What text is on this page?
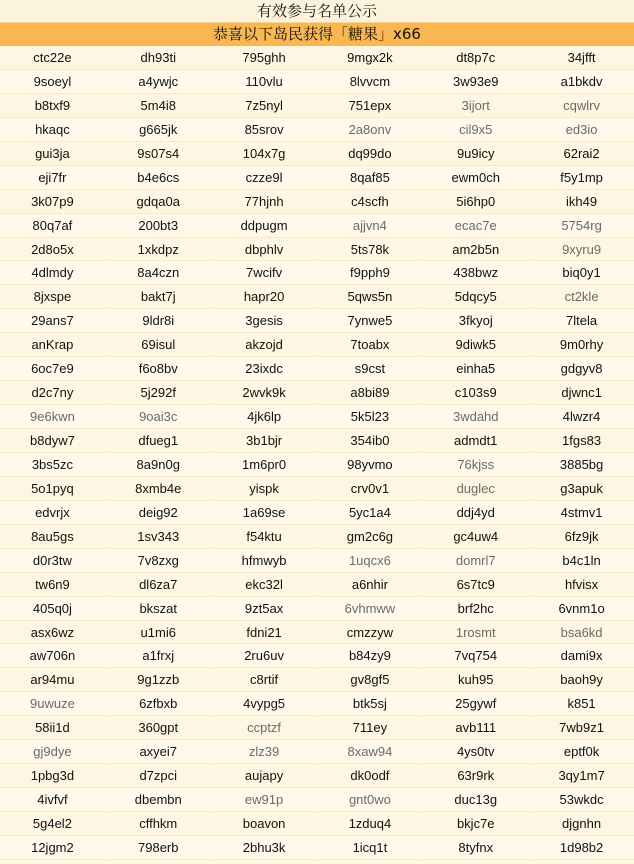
有效参与名单公示
恭喜以下岛民获得「糖果」x66
ctc22e	dh93ti	795ghh	9mgx2k	dt8p7c	34jfft
9soeyl	a4ywjc	110vlu	8lvvcm	3w93e9	a1bkdv
b8txf9	5m4i8	7z5nyl	751epx	3ijort	cqwlrv
hkaqc	g665jk	85srov	2a8onv	cil9x5	ed3io
gui3ja	9s07s4	104x7g	dq99do	9u9icy	62rai2
eji7fr	b4e6cs	czze9l	8qaf85	ewm0ch	f5y1mp
3k07p9	gdqa0a	77hjnh	c4scfh	5i6hp0	ikh49
80q7af	200bt3	ddpugm	ajjvn4	ecac7e	5754rg
2d8o5x	1xkdpz	dbphlv	5ts78k	am2b5n	9xyru9
4dlmdy	8a4czn	7wcifv	f9pph9	438bwz	biq0y1
8jxspe	bakt7j	hapr20	5qws5n	5dqcy5	ct2kle
29ans7	9ldr8i	3gesis	7ynwe5	3fkyoj	7ltela
anKrap	69isul	akzojd	7toabx	9diwk5	9m0rhy
6oc7e9	f6o8bv	23ixdc	s9cst	einha5	gdgyv8
d2c7ny	5j292f	2wvk9k	a8bi89	c103s9	djwnc1
9e6kwn	9oai3c	4jk6lp	5k5l23	3wdahd	4lwzr4
b8dyw7	dfueg1	3b1bjr	354ib0	admdt1	1fgs83
3bs5zc	8a9n0g	1m6pr0	98yvmo	76kjss	3885bg
5o1pyq	8xmb4e	yispk	crv0v1	duglec	g3apuk
edvrjx	deig92	1a69se	5yc1a4	ddj4yd	4stmv1
8au5gs	1sv343	f54ktu	gm2c6g	gc4uw4	6fz9jk
d0r3tw	7v8zxg	hfmwyb	1uqcx6	domrl7	b4c1ln
tw6n9	dl6za7	ekc32l	a6nhir	6s7tc9	hfvisx
405q0j	bkszat	9zt5ax	6vhmww	brf2hc	6vnm1o
asx6wz	u1mi6	fdni21	cmzzyw	1rosmt	bsa6kd
aw706n	a1frxj	2ru6uv	b84zy9	7vq754	dami9x
ar94mu	9g1zzb	c8rtif	gv8gf5	kuh95	baoh9y
9uwuze	6zfbxb	4vypg5	btk5sj	25gywf	k851
58ii1d	360gpt	ccptzf	711ey	avb111	7wb9z1
gj9dye	axyei7	zlz39	8xaw94	4ys0tv	eptf0k
1pbg3d	d7zpci	aujapy	dk0odf	63r9rk	3qy1m7
4ivfvf	dbembn	ew91p	gnt0wo	duc13g	53wkdc
5g4el2	cffhkm	boavon	1zduq4	bkjc7e	djgnhn
12jgm2	798erb	2bhu3k	1icq1t	8tyfnx	1d98b2
